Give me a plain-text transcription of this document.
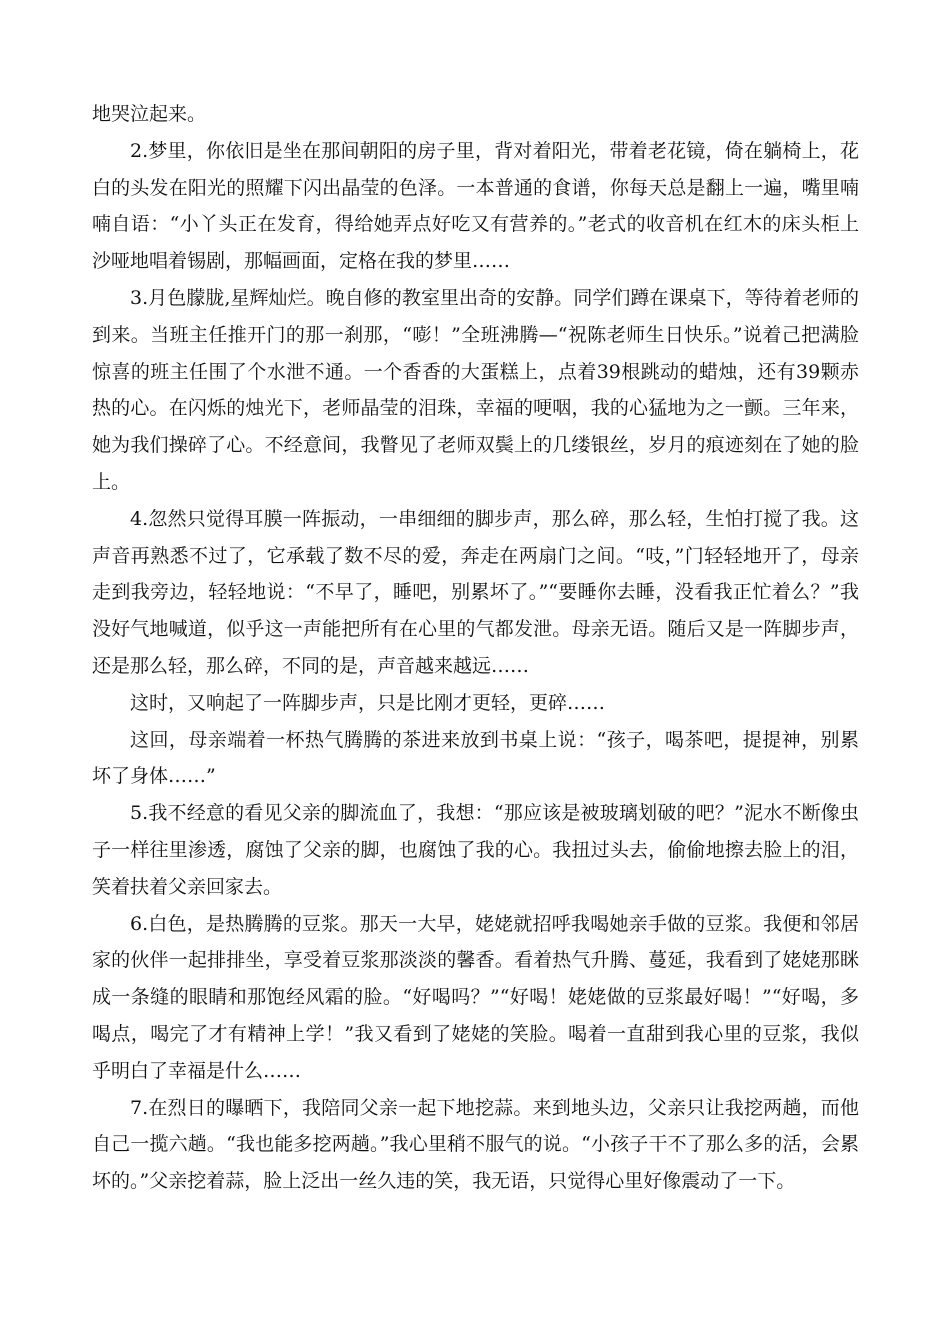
地哭泣起来。

2.梦里，你依旧是坐在那间朝阳的房子里，背对着阳光，带着老花镜，倚在躺椅上，花白的头发在阳光的照耀下闪出晶莹的色泽。一本普通的食谱，你每天总是翻上一遍，嘴里喃喃自语：“小丫头正在发育，得给她弄点好吃又有营养的。”老式的收音机在红木的床头柜上沙哑地唱着锡剧，那幅画面，定格在我的梦里……

3.月色朦胧,星辉灿烂。晚自修的教室里出奇的安静。同学们蹲在课桌下，等待着老师的到来。当班主任推开门的那一刹那，“嘭！”全班沸腾—“祝陈老师生日快乐。”说着己把满脸惊喜的班主任围了个水泄不通。一个香香的大蛋糕上，点着39根跳动的蜡烛，还有39颗赤热的心。在闪烁的烛光下，老师晶莹的泪珠，幸福的哽咽，我的心猛地为之一颤。三年来，她为我们操碎了心。不经意间，我瞥见了老师双鬓上的几缕银丝，岁月的痕迹刻在了她的脸上。

4.忽然只觉得耳膜一阵振动，一串细细的脚步声，那么碎，那么轻，生怕打搅了我。这声音再熟悉不过了，它承载了数不尽的爱，奔走在两扇门之间。“吱，”门轻轻地开了，母亲走到我旁边，轻轻地说：“不早了，睡吧，别累坏了。”“要睡你去睡，没看我正忙着么？”我没好气地喊道，似乎这一声能把所有在心里的气都发泄。母亲无语。随后又是一阵脚步声，还是那么轻，那么碎，不同的是，声音越来越远……

这时，又响起了一阵脚步声，只是比刚才更轻，更碎……

这回，母亲端着一杯热气腾腾的茶进来放到书桌上说：“孩子，喝茶吧，提提神，别累坏了身体……”

5.我不经意的看见父亲的脚流血了，我想：“那应该是被玻璃划破的吧？”泥水不断像虫子一样往里渗透，腐蚀了父亲的脚，也腐蚀了我的心。我扭过头去，偷偷地擦去脸上的泪，笑着扶着父亲回家去。

6.白色，是热腾腾的豆浆。那天一大早，姥姥就招呼我喝她亲手做的豆浆。我便和邻居家的伙伴一起排排坐，享受着豆浆那淡淡的馨香。看着热气升腾、蔓延，我看到了姥姥那眯成一条缝的眼睛和那饱经风霜的脸。“好喝吗？”“好喝！姥姥做的豆浆最好喝！”“好喝，多喝点，喝完了才有精神上学！”我又看到了姥姥的笑脸。喝着一直甜到我心里的豆浆，我似乎明白了幸福是什么……

7.在烈日的曝晒下，我陪同父亲一起下地挖蒜。来到地头边，父亲只让我挖两趟，而他自己一揽六趟。“我也能多挖两趟。”我心里稍不服气的说。“小孩子干不了那么多的活，会累坏的。”父亲挖着蒜，脸上泛出一丝久违的笑，我无语，只觉得心里好像震动了一下。
